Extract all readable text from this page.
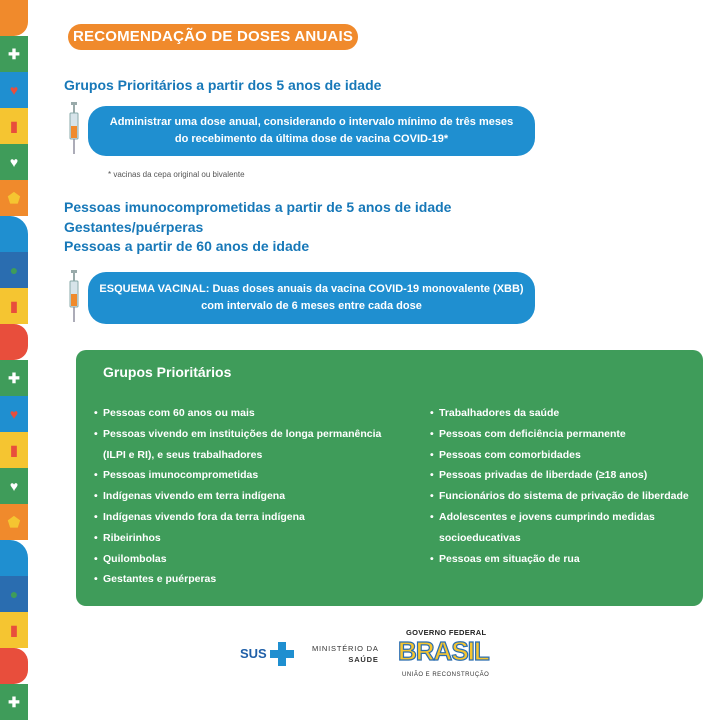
✚
♥
▮
♥
⬟
●
▮
✚
♥
▮
♥
⬟
●
▮
✚
RECOMENDAÇÃO DE DOSES ANUAIS
Grupos Prioritários a partir dos 5 anos de idade
Administrar uma dose anual, considerando o intervalo mínimo de três meses
do recebimento da última dose de vacina COVID-19*
* vacinas da cepa original ou bivalente
Pessoas imunocomprometidas a partir de 5 anos de idade
Gestantes/puérperas
Pessoas a partir de 60 anos de idade
ESQUEMA VACINAL: Duas doses anuais da vacina COVID-19 monovalente (XBB)
com intervalo de 6 meses entre cada dose
Grupos Prioritários
• Pessoas com 60 anos ou mais
• Pessoas vivendo em instituições de longa permanência
(ILPI e RI), e seus trabalhadores
• Pessoas imunocomprometidas
• Indígenas vivendo em terra indígena
• Indígenas vivendo fora da terra indígena
• Ribeirinhos
• Quilombolas
• Gestantes e puérperas
• Trabalhadores da saúde
• Pessoas com deficiência permanente
• Pessoas com comorbidades
• Pessoas privadas de liberdade (≥18 anos)
• Funcionários do sistema de privação de liberdade
• Adolescentes e jovens cumprindo medidas
socioeducativas
• Pessoas em situação de rua
SUS	MINISTÉRIO DA
SAÚDE
GOVERNO FEDERAL
BRASIL
UNIÃO E RECONSTRUÇÃO
